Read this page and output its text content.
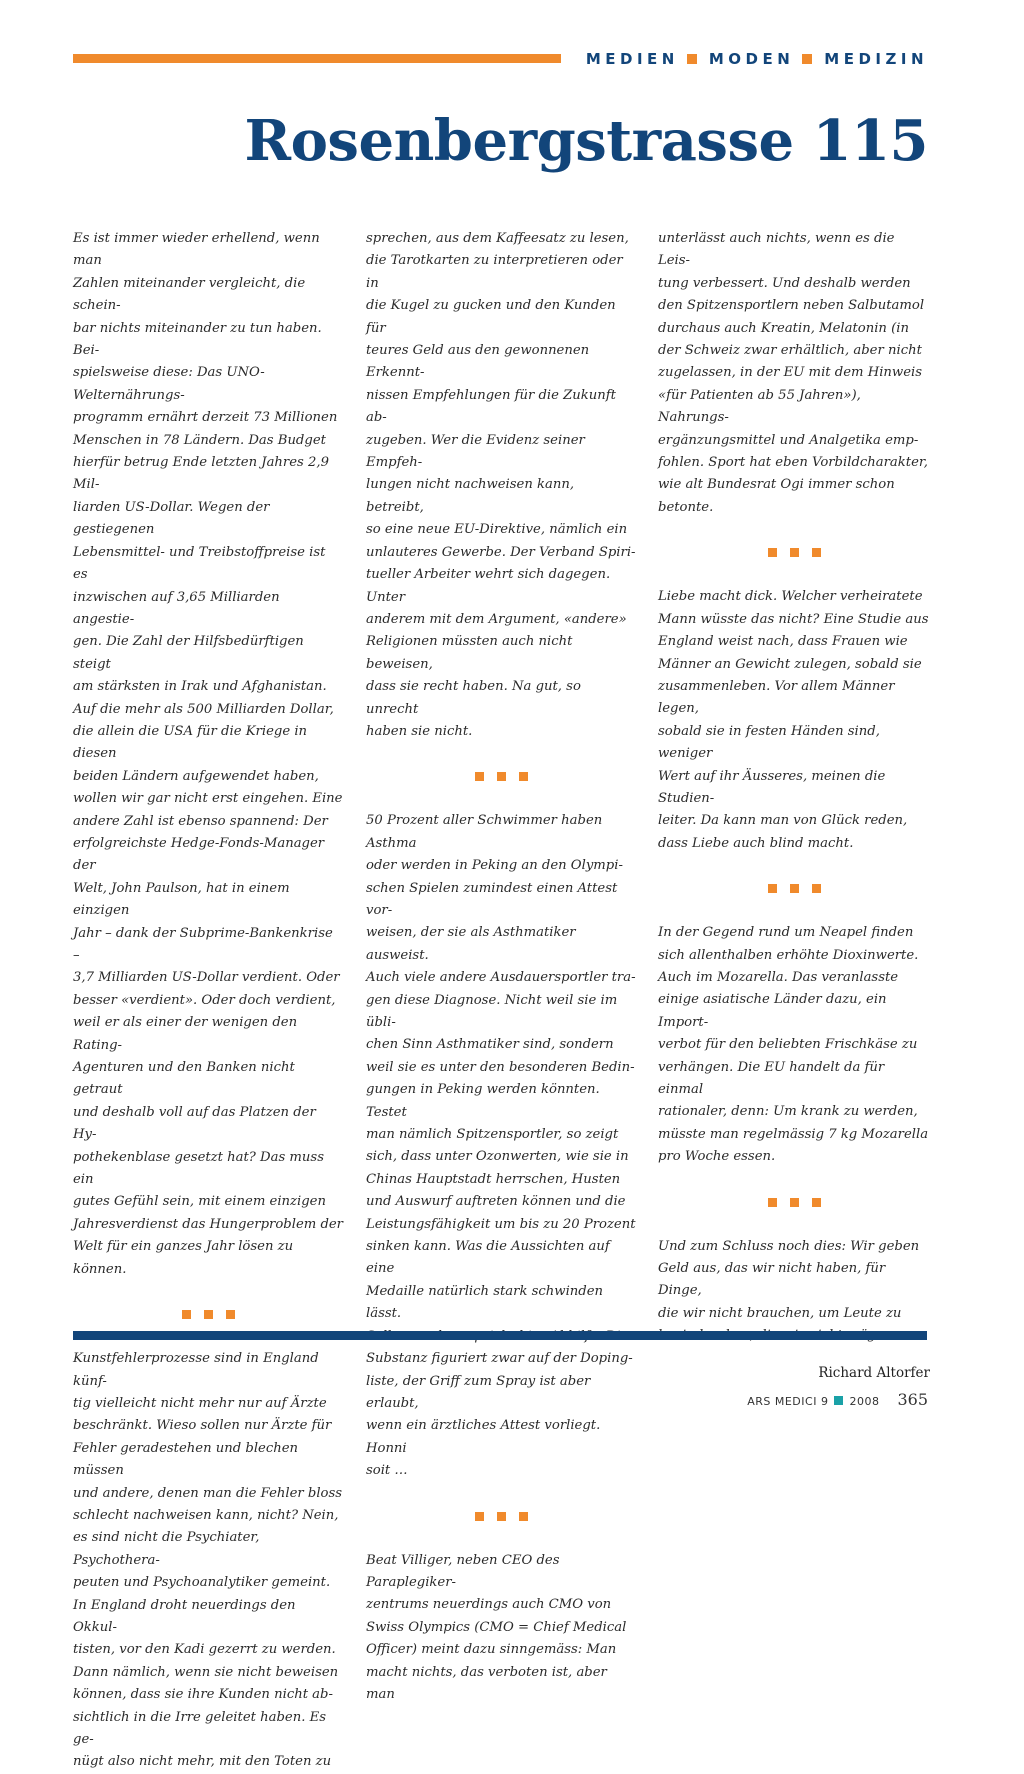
MEDIEN MODEN MEDIZIN
Rosenbergstrasse 115

Es ist immer wieder erhellend, wenn man
Zahlen miteinander vergleicht, die schein-
bar nichts miteinander zu tun haben. Bei-
spielsweise diese: Das UNO-Welternährungs-
programm ernährt derzeit 73 Millionen
Menschen in 78 Ländern. Das Budget
hierfür betrug Ende letzten Jahres 2,9 Mil-
liarden US-Dollar. Wegen der gestiegenen
Lebensmittel- und Treibstoffpreise ist es
inzwischen auf 3,65 Milliarden angestie-
gen. Die Zahl der Hilfsbedürftigen steigt
am stärksten in Irak und Afghanistan.
Auf die mehr als 500 Milliarden Dollar,
die allein die USA für die Kriege in diesen
beiden Ländern aufgewendet haben,
wollen wir gar nicht erst eingehen. Eine
andere Zahl ist ebenso spannend: Der
erfolgreichste Hedge-Fonds-Manager der
Welt, John Paulson, hat in einem einzigen
Jahr – dank der Subprime-Bankenkrise –
3,7 Milliarden US-Dollar verdient. Oder
besser «verdient». Oder doch verdient,
weil er als einer der wenigen den Rating-
Agenturen und den Banken nicht getraut
und deshalb voll auf das Platzen der Hy-
pothekenblase gesetzt hat? Das muss ein
gutes Gefühl sein, mit einem einzigen
Jahresverdienst das Hungerproblem der
Welt für ein ganzes Jahr lösen zu können.

Kunstfehlerprozesse sind in England künf-
tig vielleicht nicht mehr nur auf Ärzte
beschränkt. Wieso sollen nur Ärzte für
Fehler geradestehen und blechen müssen
und andere, denen man die Fehler bloss
schlecht nachweisen kann, nicht? Nein,
es sind nicht die Psychiater, Psychothera-
peuten und Psychoanalytiker gemeint.
In England droht neuerdings den Okkul-
tisten, vor den Kadi gezerrt zu werden.
Dann nämlich, wenn sie nicht beweisen
können, dass sie ihre Kunden nicht ab-
sichtlich in die Irre geleitet haben. Es ge-
nügt also nicht mehr, mit den Toten zu

sprechen, aus dem Kaffeesatz zu lesen,
die Tarotkarten zu interpretieren oder in
die Kugel zu gucken und den Kunden für
teures Geld aus den gewonnenen Erkennt-
nissen Empfehlungen für die Zukunft ab-
zugeben. Wer die Evidenz seiner Empfeh-
lungen nicht nachweisen kann, betreibt,
so eine neue EU-Direktive, nämlich ein
unlauteres Gewerbe. Der Verband Spiri-
tueller Arbeiter wehrt sich dagegen. Unter
anderem mit dem Argument, «andere»
Religionen müssten auch nicht beweisen,
dass sie recht haben. Na gut, so unrecht
haben sie nicht.

50 Prozent aller Schwimmer haben Asthma
oder werden in Peking an den Olympi-
schen Spielen zumindest einen Attest vor-
weisen, der sie als Asthmatiker ausweist.
Auch viele andere Ausdauersportler tra-
gen diese Diagnose. Nicht weil sie im übli-
chen Sinn Asthmatiker sind, sondern
weil sie es unter den besonderen Bedin-
gungen in Peking werden könnten. Testet
man nämlich Spitzensportler, so zeigt
sich, dass unter Ozonwerten, wie sie in
Chinas Hauptstadt herrschen, Husten
und Auswurf auftreten können und die
Leistungsfähigkeit um bis zu 20 Prozent
sinken kann. Was die Aussichten auf eine
Medaille natürlich stark schwinden lässt.

Substanz figuriert zwar auf der Doping-
liste, der Griff zum Spray ist aber erlaubt,
wenn ein ärztliches Attest vorliegt. Honni
soit …

Beat Villiger, neben CEO des Paraplegiker-
zentrums neuerdings auch CMO von
Swiss Olympics (CMO = Chief Medical
Officer) meint dazu sinngemäss: Man
macht nichts, das verboten ist, aber man

unterlässt auch nichts, wenn es die Leis-
tung verbessert. Und deshalb werden
den Spitzensportlern neben Salbutamol
durchaus auch Kreatin, Melatonin (in
der Schweiz zwar erhältlich, aber nicht
zugelassen, in der EU mit dem Hinweis
«für Patienten ab 55 Jahren»), Nahrungs-
ergänzungsmittel und Analgetika emp-
fohlen. Sport hat eben Vorbildcharakter,
wie alt Bundesrat Ogi immer schon
betonte.

Liebe macht dick. Welcher verheiratete
Mann wüsste das nicht? Eine Studie aus
England weist nach, dass Frauen wie
Männer an Gewicht zulegen, sobald sie
zusammenleben. Vor allem Männer legen,
sobald sie in festen Händen sind, weniger
Wert auf ihr Äusseres, meinen die Studien-
leiter. Da kann man von Glück reden,
dass Liebe auch blind macht.

In der Gegend rund um Neapel finden
sich allenthalben erhöhte Dioxinwerte.
Auch im Mozarella. Das veranlasste
einige asiatische Länder dazu, ein Import-
verbot für den beliebten Frischkäse zu
verhängen. Die EU handelt da für einmal
rationaler, denn: Um krank zu werden,
müsste man regelmässig 7 kg Mozarella
pro Woche essen.

Und zum Schluss noch dies: Wir geben
Geld aus, das wir nicht haben, für Dinge,
die wir nicht brauchen, um Leute zu

Richard Altorfer

ARS MEDICI 9 2008 365
